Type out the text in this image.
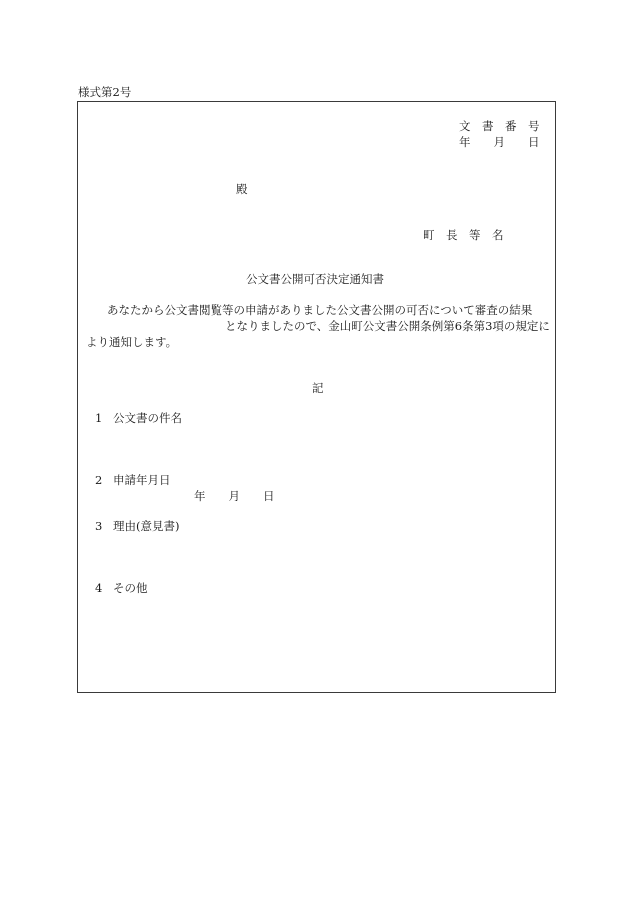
様式第2号
文　書　番　号
年　　月　　日
殿
町　長　等　名
公文書公開可否決定通知書
あなたから公文書閲覧等の申請がありました公文書公開の可否について審査の結果
となりましたので、金山町公文書公開条例第6条第3項の規定に
より通知します。
記
1 公文書の件名
2 申請年月日
年　　月　　日
3 理由(意見書)
4 その他
